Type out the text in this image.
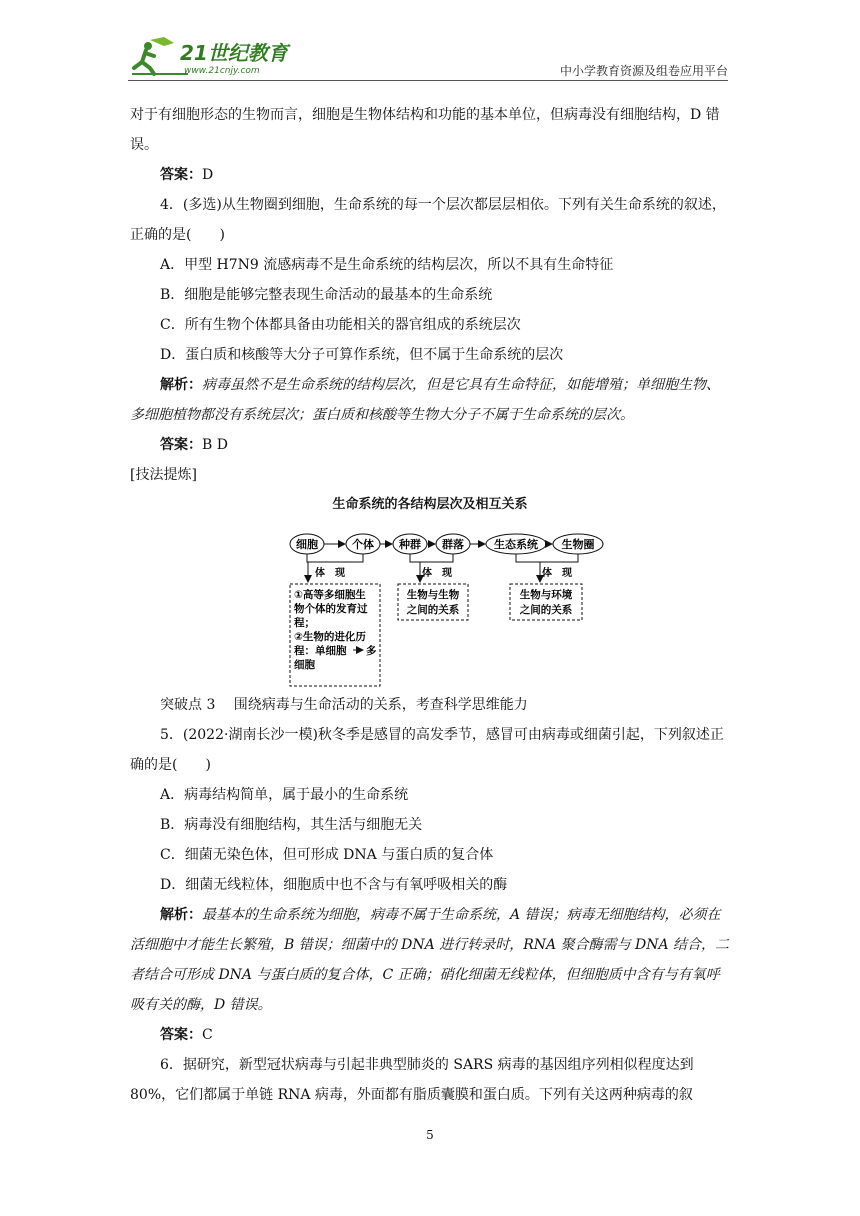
21世纪教育
www.21cnjy.com	中小学教育资源及组卷应用平台

对于有细胞形态的生物而言，细胞是生物体结构和功能的基本单位，但病毒没有细胞结构，D 错误。

答案：D

4．(多选)从生物圈到细胞，生命系统的每一个层次都层层相依。下列有关生命系统的叙述，正确的是(　　)

A．甲型 H7N9 流感病毒不是生命系统的结构层次，所以不具有生命特征

B．细胞是能够完整表现生命活动的最基本的生命系统

C．所有生物个体都具备由功能相关的器官组成的系统层次

D．蛋白质和核酸等大分子可算作系统，但不属于生命系统的层次

解析：病毒虽然不是生命系统的结构层次，但是它具有生命特征，如能增殖；单细胞生物、多细胞植物都没有系统层次；蛋白质和核酸等生物大分子不属于生命系统的层次。

答案：B D

[技法提炼]

生命系统的各结构层次及相互关系
细胞	个体 种群 群落	生态系统 生物圈
体　现	体　现	体　现
①高等多细胞生
物个体的发育过
程；
②生物的进化历
程：单细胞 多
细胞
生物与生物
之间的关系
生物与环境
之间的关系

突破点 3　 围绕病毒与生命活动的关系，考查科学思维能力

5．(2022·湖南长沙一模)秋冬季是感冒的高发季节，感冒可由病毒或细菌引起，下列叙述正确的是(　　)

A．病毒结构简单，属于最小的生命系统

B．病毒没有细胞结构，其生活与细胞无关

C．细菌无染色体，但可形成 DNA 与蛋白质的复合体

D．细菌无线粒体，细胞质中也不含与有氧呼吸相关的酶

解析：最基本的生命系统为细胞，病毒不属于生命系统，A 错误；病毒无细胞结构，必须在活细胞中才能生长繁殖，B 错误；细菌中的 DNA 进行转录时，RNA 聚合酶需与 DNA 结合，二者结合可形成 DNA 与蛋白质的复合体，C 正确；硝化细菌无线粒体，但细胞质中含有与有氧呼吸有关的酶，D 错误。

答案：C

6．据研究，新型冠状病毒与引起非典型肺炎的 SARS 病毒的基因组序列相似程度达到 80%，它们都属于单链 RNA 病毒，外面都有脂质囊膜和蛋白质。下列有关这两种病毒的叙

5
